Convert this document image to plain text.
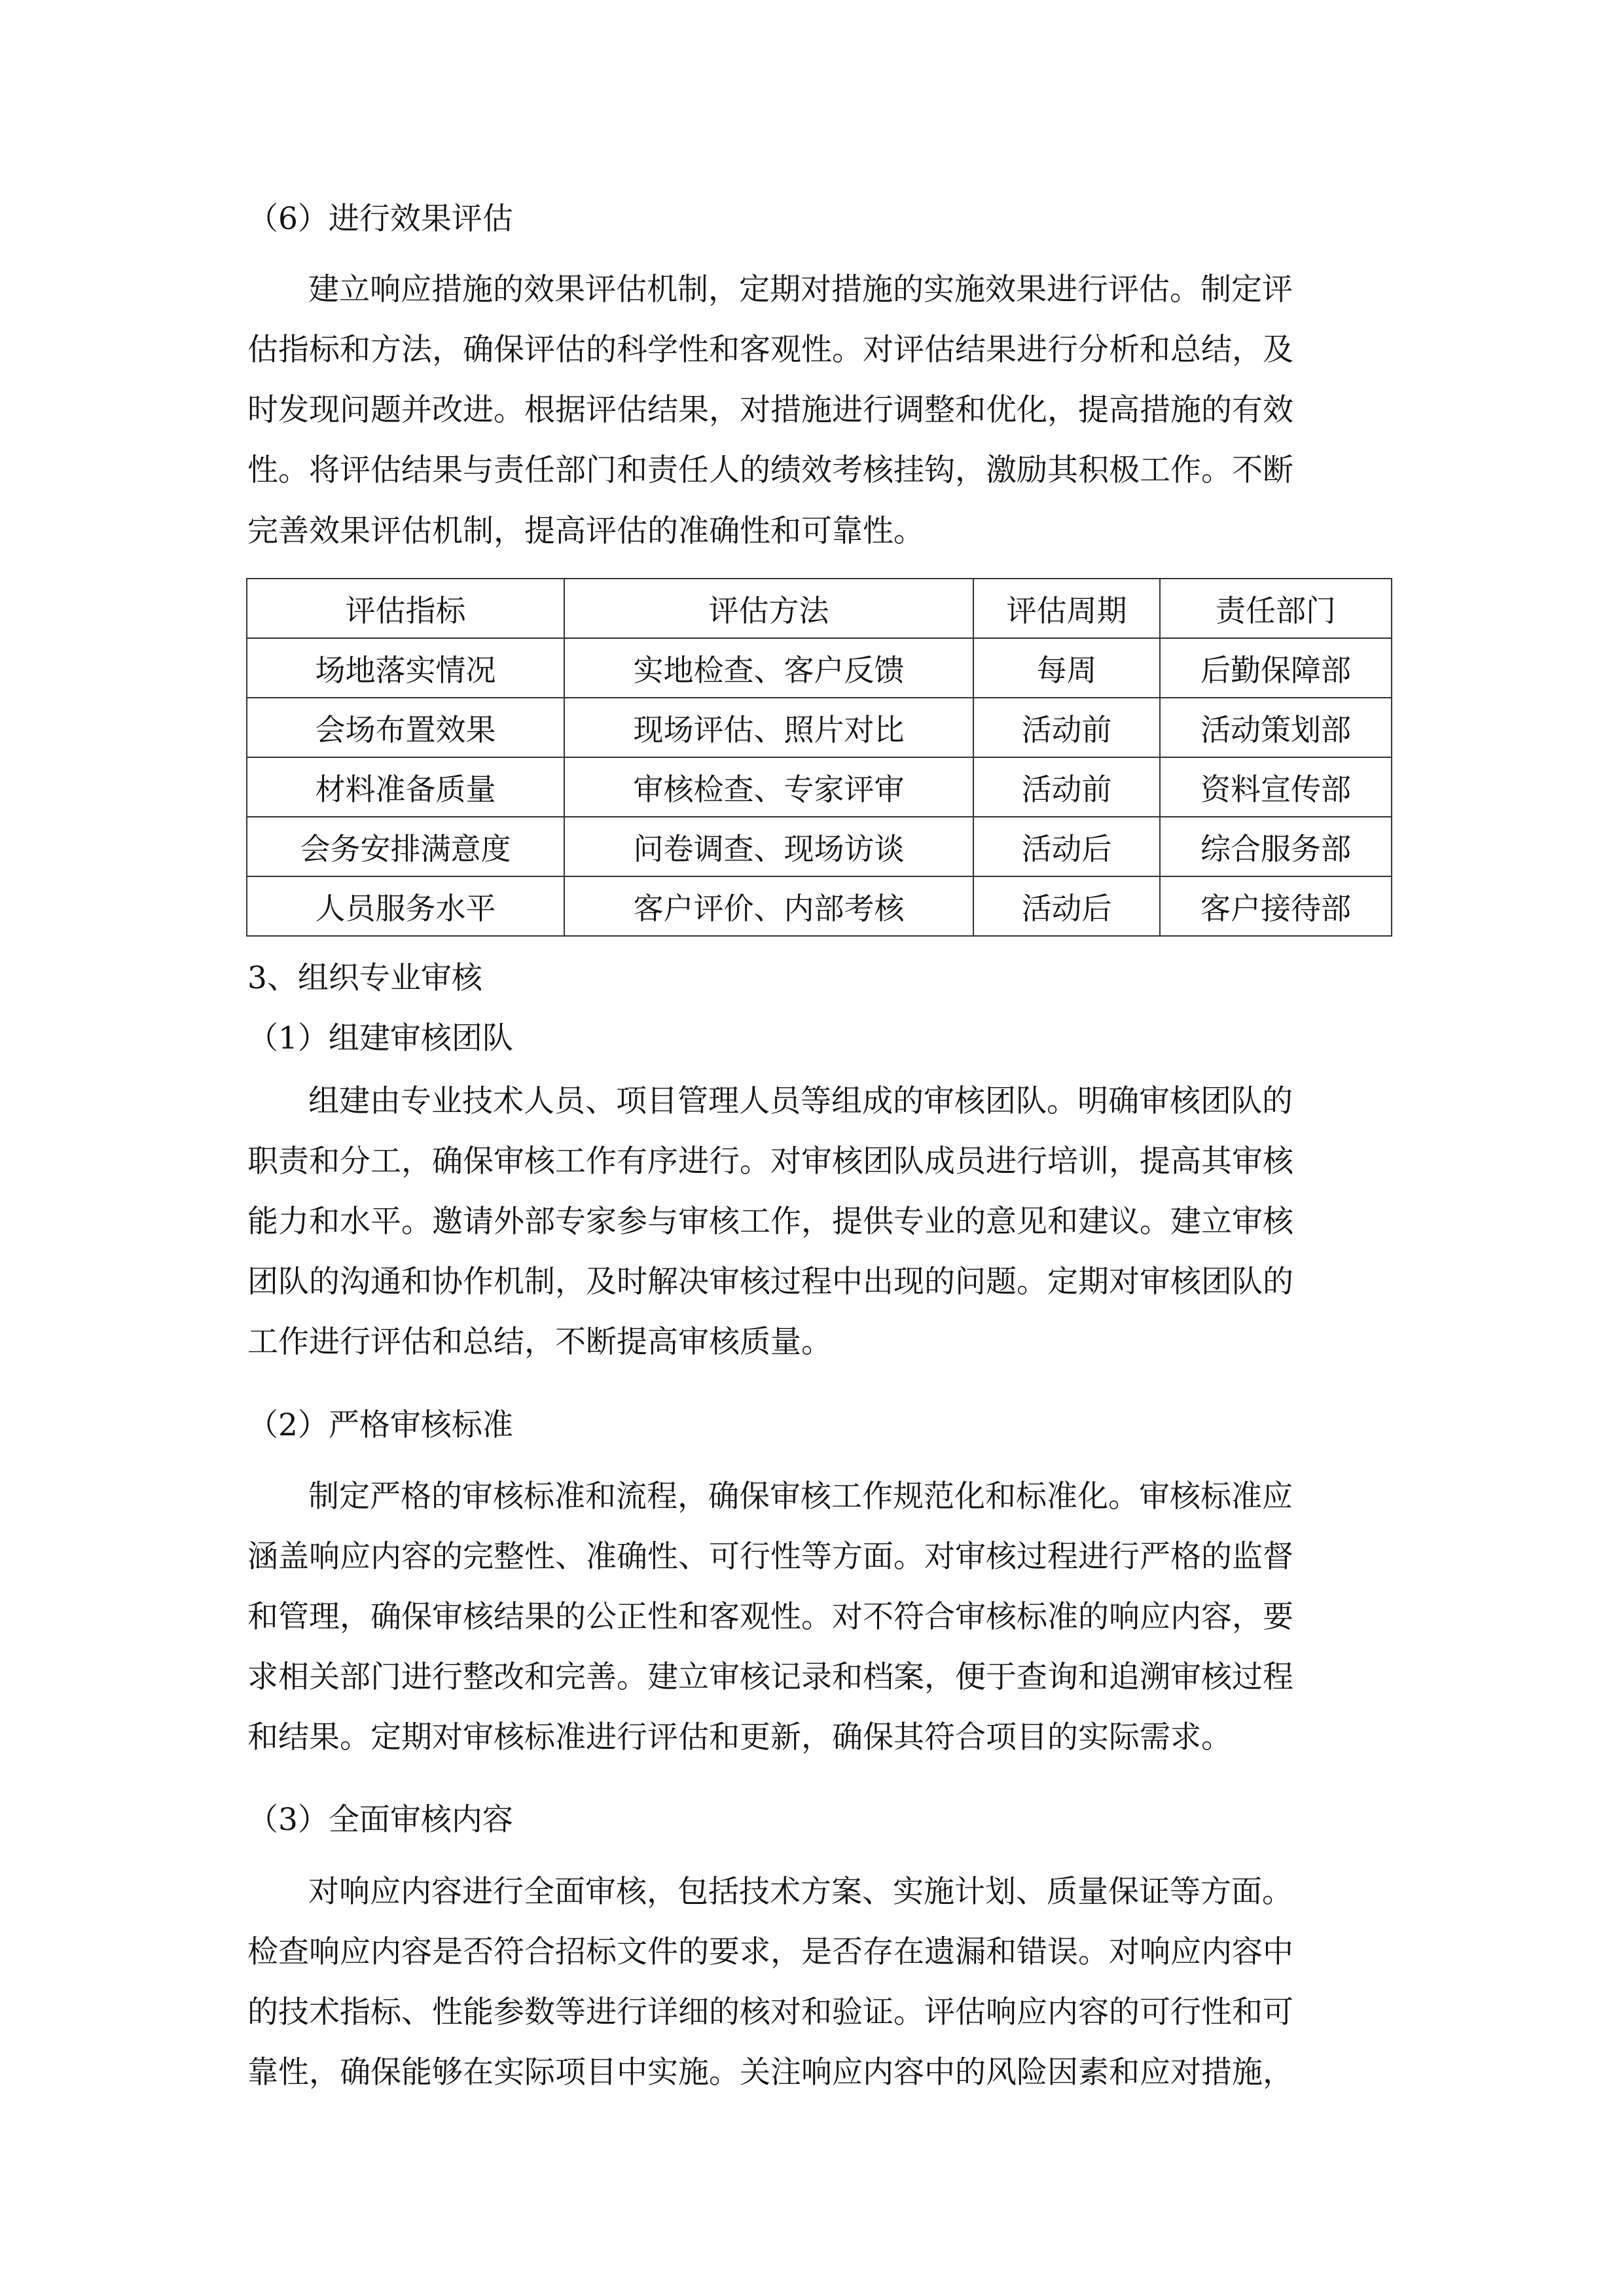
（6）进行效果评估
建立响应措施的效果评估机制，定期对措施的实施效果进行评估。制定评
估指标和方法，确保评估的科学性和客观性。对评估结果进行分析和总结，及
时发现问题并改进。根据评估结果，对措施进行调整和优化，提高措施的有效
性。将评估结果与责任部门和责任人的绩效考核挂钩，激励其积极工作。不断
完善效果评估机制，提高评估的准确性和可靠性。
评估指标	评估方法	评估周期	责任部门
场地落实情况	实地检查、客户反馈	每周	后勤保障部
会场布置效果	现场评估、照片对比	活动前	活动策划部
材料准备质量	审核检查、专家评审	活动前	资料宣传部
会务安排满意度	问卷调查、现场访谈	活动后	综合服务部
人员服务水平	客户评价、内部考核	活动后	客户接待部
3、组织专业审核
（1）组建审核团队
组建由专业技术人员、项目管理人员等组成的审核团队。明确审核团队的
职责和分工，确保审核工作有序进行。对审核团队成员进行培训，提高其审核
能力和水平。邀请外部专家参与审核工作，提供专业的意见和建议。建立审核
团队的沟通和协作机制，及时解决审核过程中出现的问题。定期对审核团队的
工作进行评估和总结，不断提高审核质量。
（2）严格审核标准
制定严格的审核标准和流程，确保审核工作规范化和标准化。审核标准应
涵盖响应内容的完整性、准确性、可行性等方面。对审核过程进行严格的监督
和管理，确保审核结果的公正性和客观性。对不符合审核标准的响应内容，要
求相关部门进行整改和完善。建立审核记录和档案，便于查询和追溯审核过程
和结果。定期对审核标准进行评估和更新，确保其符合项目的实际需求。
（3）全面审核内容
对响应内容进行全面审核，包括技术方案、实施计划、质量保证等方面。
检查响应内容是否符合招标文件的要求，是否存在遗漏和错误。对响应内容中
的技术指标、性能参数等进行详细的核对和验证。评估响应内容的可行性和可
靠性，确保能够在实际项目中实施。关注响应内容中的风险因素和应对措施，
